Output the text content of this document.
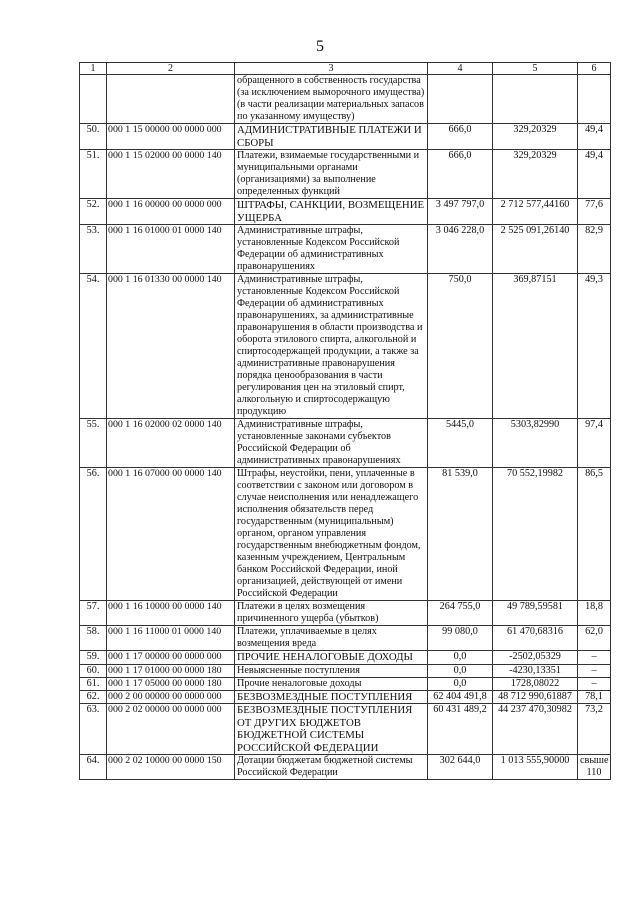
5
1	2	3	4	5	6
		обращенного в собственность государства (за исключением выморочного имущества) (в части реализации материальных запасов по указанному имуществу)			
50.	000 1 15 00000 00 0000 000	АДМИНИСТРАТИВНЫЕ ПЛАТЕЖИ И СБОРЫ	666,0	329,20329	49,4
51.	000 1 15 02000 00 0000 140	Платежи, взимаемые государственными и муниципальными органами (организациями) за выполнение определенных функций	666,0	329,20329	49,4
52.	000 1 16 00000 00 0000 000	ШТРАФЫ, САНКЦИИ, ВОЗМЕЩЕНИЕ УЩЕРБА	3 497 797,0	2 712 577,44160	77,6
53.	000 1 16 01000 01 0000 140	Административные штрафы, установленные Кодексом Российской Федерации об административных правонарушениях	3 046 228,0	2 525 091,26140	82,9
54.	000 1 16 01330 00 0000 140	Административные штрафы, установленные Кодексом Российской Федерации об административных правонарушениях, за административные правонарушения в области производства и оборота этилового спирта, алкогольной и спиртосодержащей продукции, а также за административные правонарушения порядка ценообразования в части регулирования цен на этиловый спирт, алкогольную и спиртосодержащую продукцию	750,0	369,87151	49,3
55.	000 1 16 02000 02 0000 140	Административные штрафы, установленные законами субъектов Российской Федерации об административных правонарушениях	5445,0	5303,82990	97,4
56.	000 1 16 07000 00 0000 140	Штрафы, неустойки, пени, уплаченные в соответствии с законом или договором в случае неисполнения или ненадлежащего исполнения обязательств перед государственным (муниципальным) органом, органом управления государственным внебюджетным фондом, казенным учреждением, Центральным банком Российской Федерации, иной организацией, действующей от имени Российской Федерации	81 539,0	70 552,19982	86,5
57.	000 1 16 10000 00 0000 140	Платежи в целях возмещения причиненного ущерба (убытков)	264 755,0	49 789,59581	18,8
58.	000 1 16 11000 01 0000 140	Платежи, уплачиваемые в целях возмещения вреда	99 080,0	61 470,68316	62,0
59.	000 1 17 00000 00 0000 000	ПРОЧИЕ НЕНАЛОГОВЫЕ ДОХОДЫ	0,0	-2502,05329	–
60.	000 1 17 01000 00 0000 180	Невыясненные поступления	0,0	-4230,13351	–
61.	000 1 17 05000 00 0000 180	Прочие неналоговые доходы	0,0	1728,08022	–
62.	000 2 00 00000 00 0000 000	БЕЗВОЗМЕЗДНЫЕ ПОСТУПЛЕНИЯ	62 404 491,8	48 712 990,61887	78,1
63.	000 2 02 00000 00 0000 000	БЕЗВОЗМЕЗДНЫЕ ПОСТУПЛЕНИЯ ОТ ДРУГИХ БЮДЖЕТОВ БЮДЖЕТНОЙ СИСТЕМЫ РОССИЙСКОЙ ФЕДЕРАЦИИ	60 431 489,2	44 237 470,30982	73,2
64.	000 2 02 10000 00 0000 150	Дотации бюджетам бюджетной системы Российской Федерации	302 644,0	1 013 555,90000	свыше 110
